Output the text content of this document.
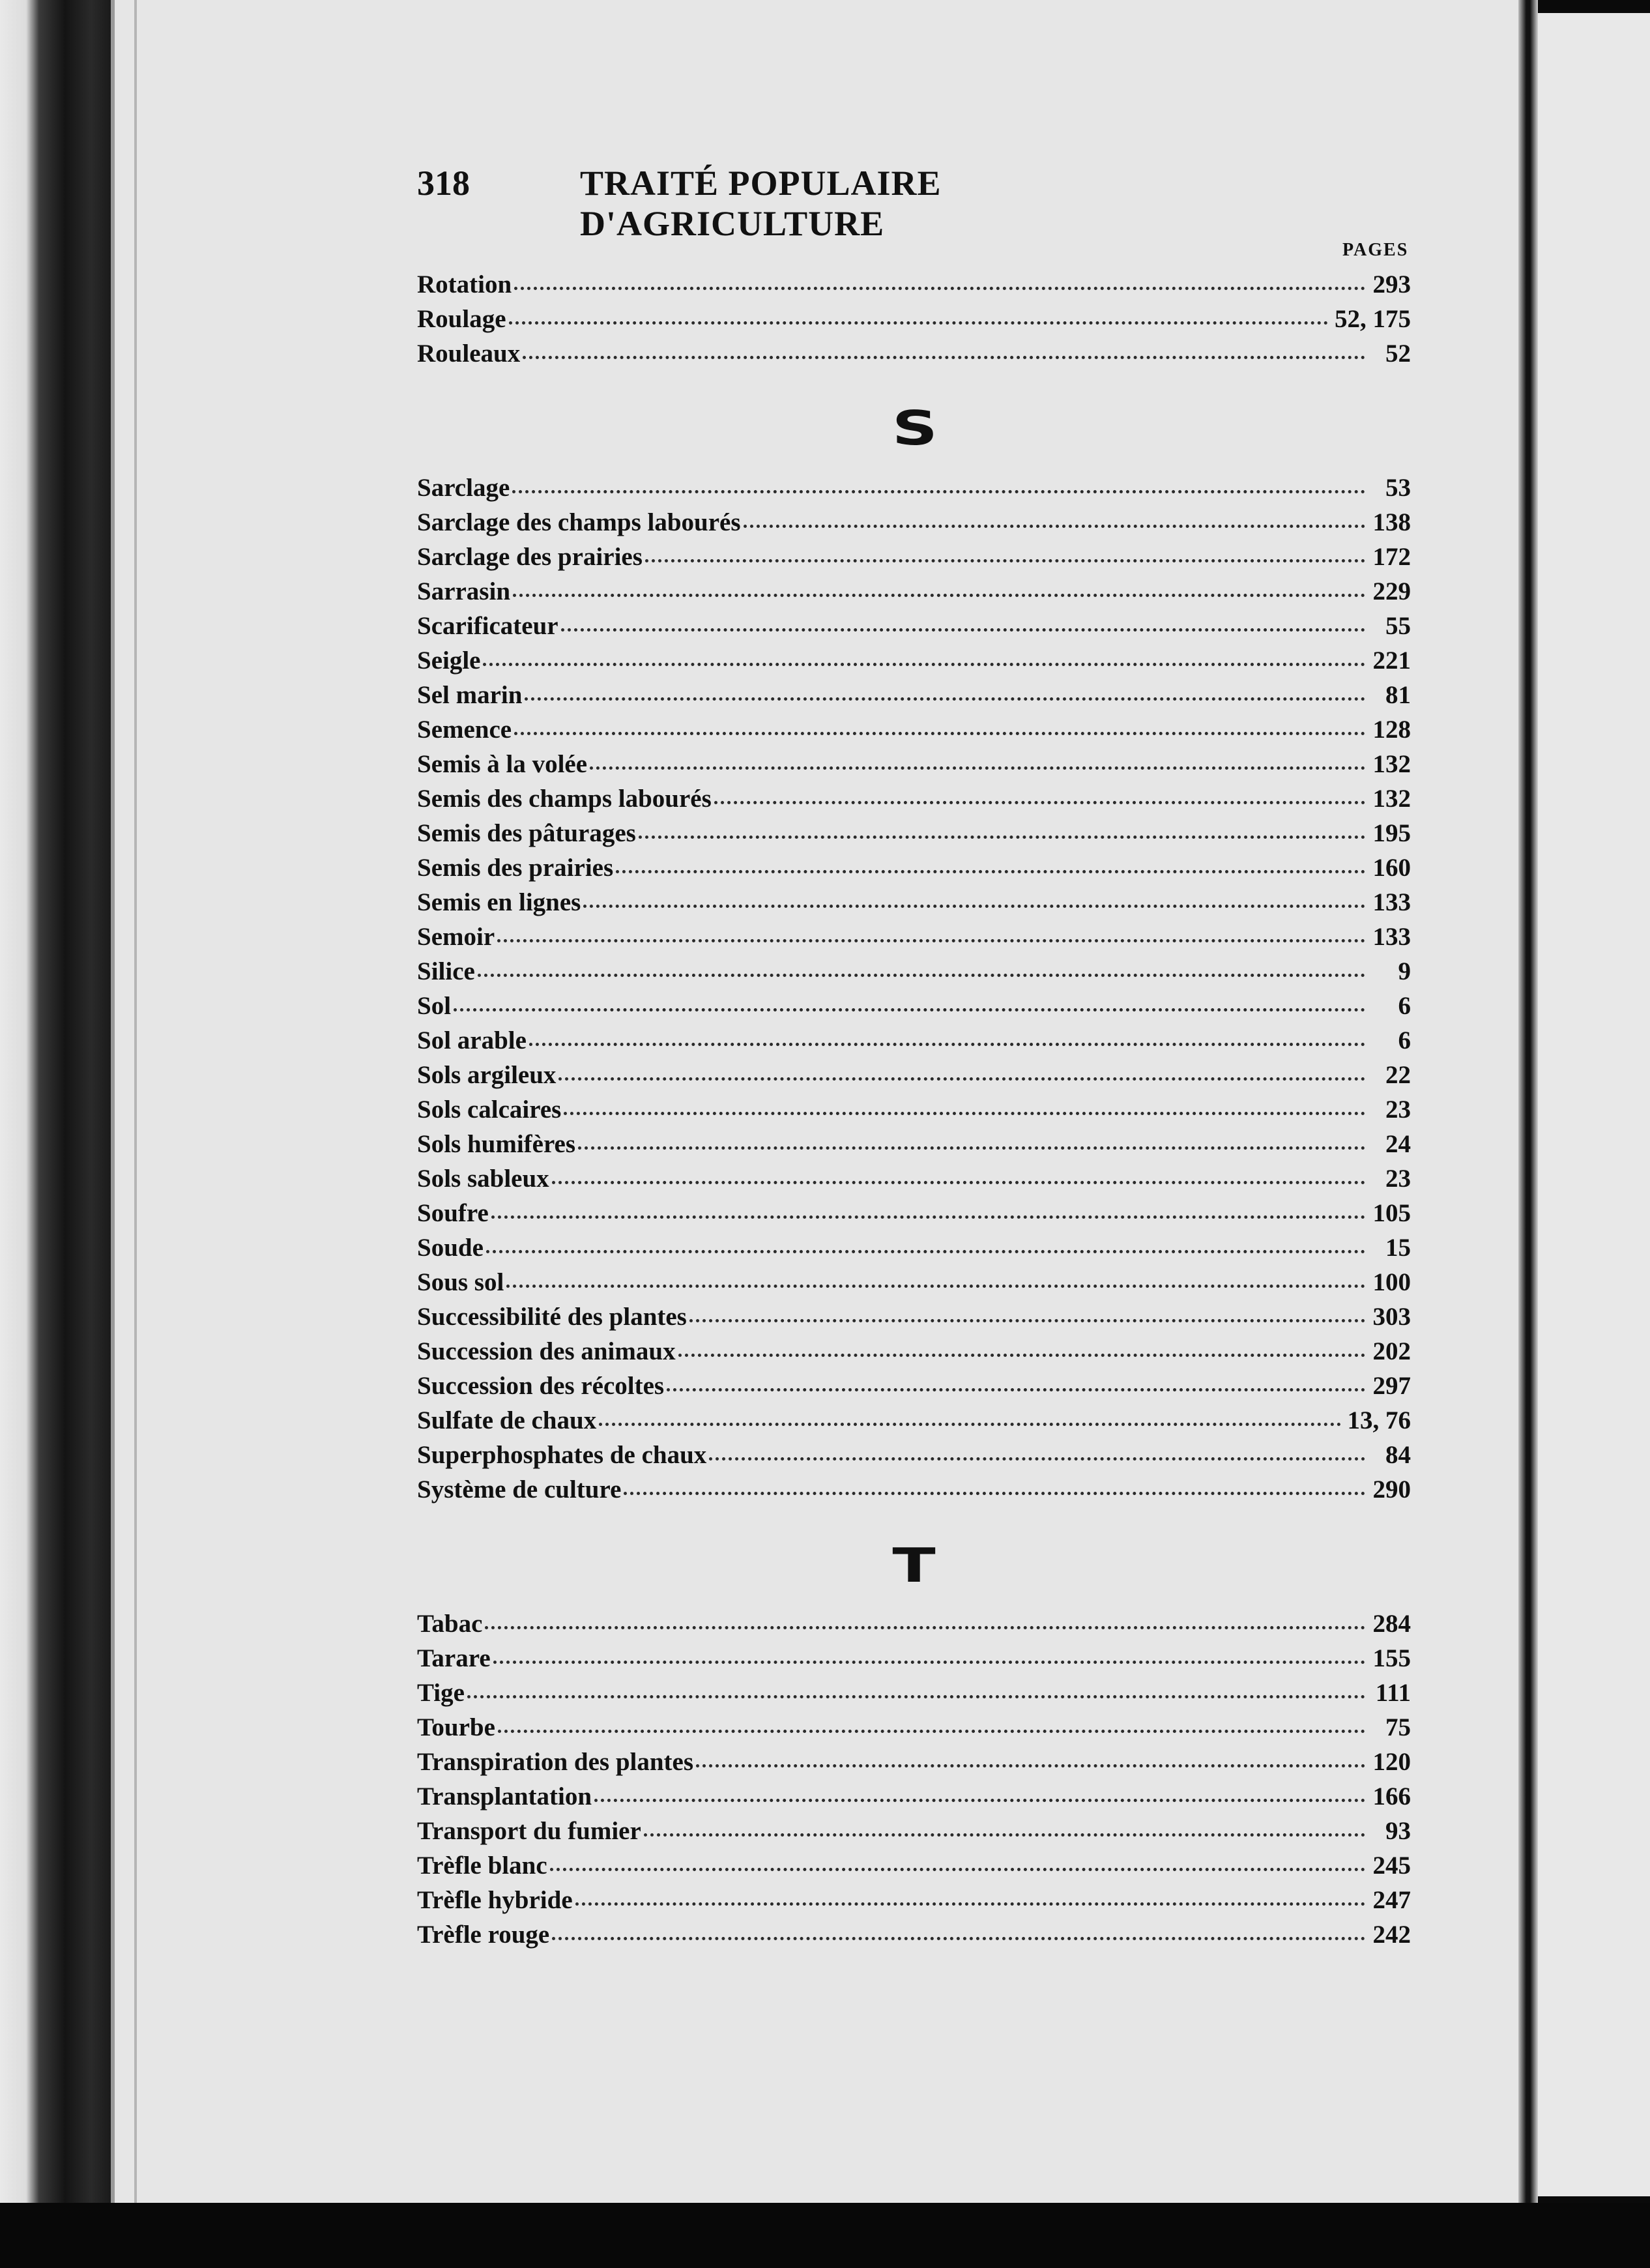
318	TRAITÉ POPULAIRE D'AGRICULTURE
PAGES
Rotation	293
Roulage	52, 175
Rouleaux	52
S
Sarclage	53
Sarclage des champs labourés	138
Sarclage des prairies	172
Sarrasin	229
Scarificateur	55
Seigle	221
Sel marin	81
Semence	128
Semis à la volée	132
Semis des champs labourés	132
Semis des pâturages	195
Semis des prairies	160
Semis en lignes	133
Semoir	133
Silice	9
Sol	6
Sol arable	6
Sols argileux	22
Sols calcaires	23
Sols humifères	24
Sols sableux	23
Soufre	105
Soude	15
Sous sol	100
Successibilité des plantes	303
Succession des animaux	202
Succession des récoltes	297
Sulfate de chaux	13, 76
Superphosphates de chaux	84
Système de culture	290
T
Tabac	284
Tarare	155
Tige	111
Tourbe	75
Transpiration des plantes	120
Transplantation	166
Transport du fumier	93
Trèfle blanc	245
Trèfle hybride	247
Trèfle rouge	242
